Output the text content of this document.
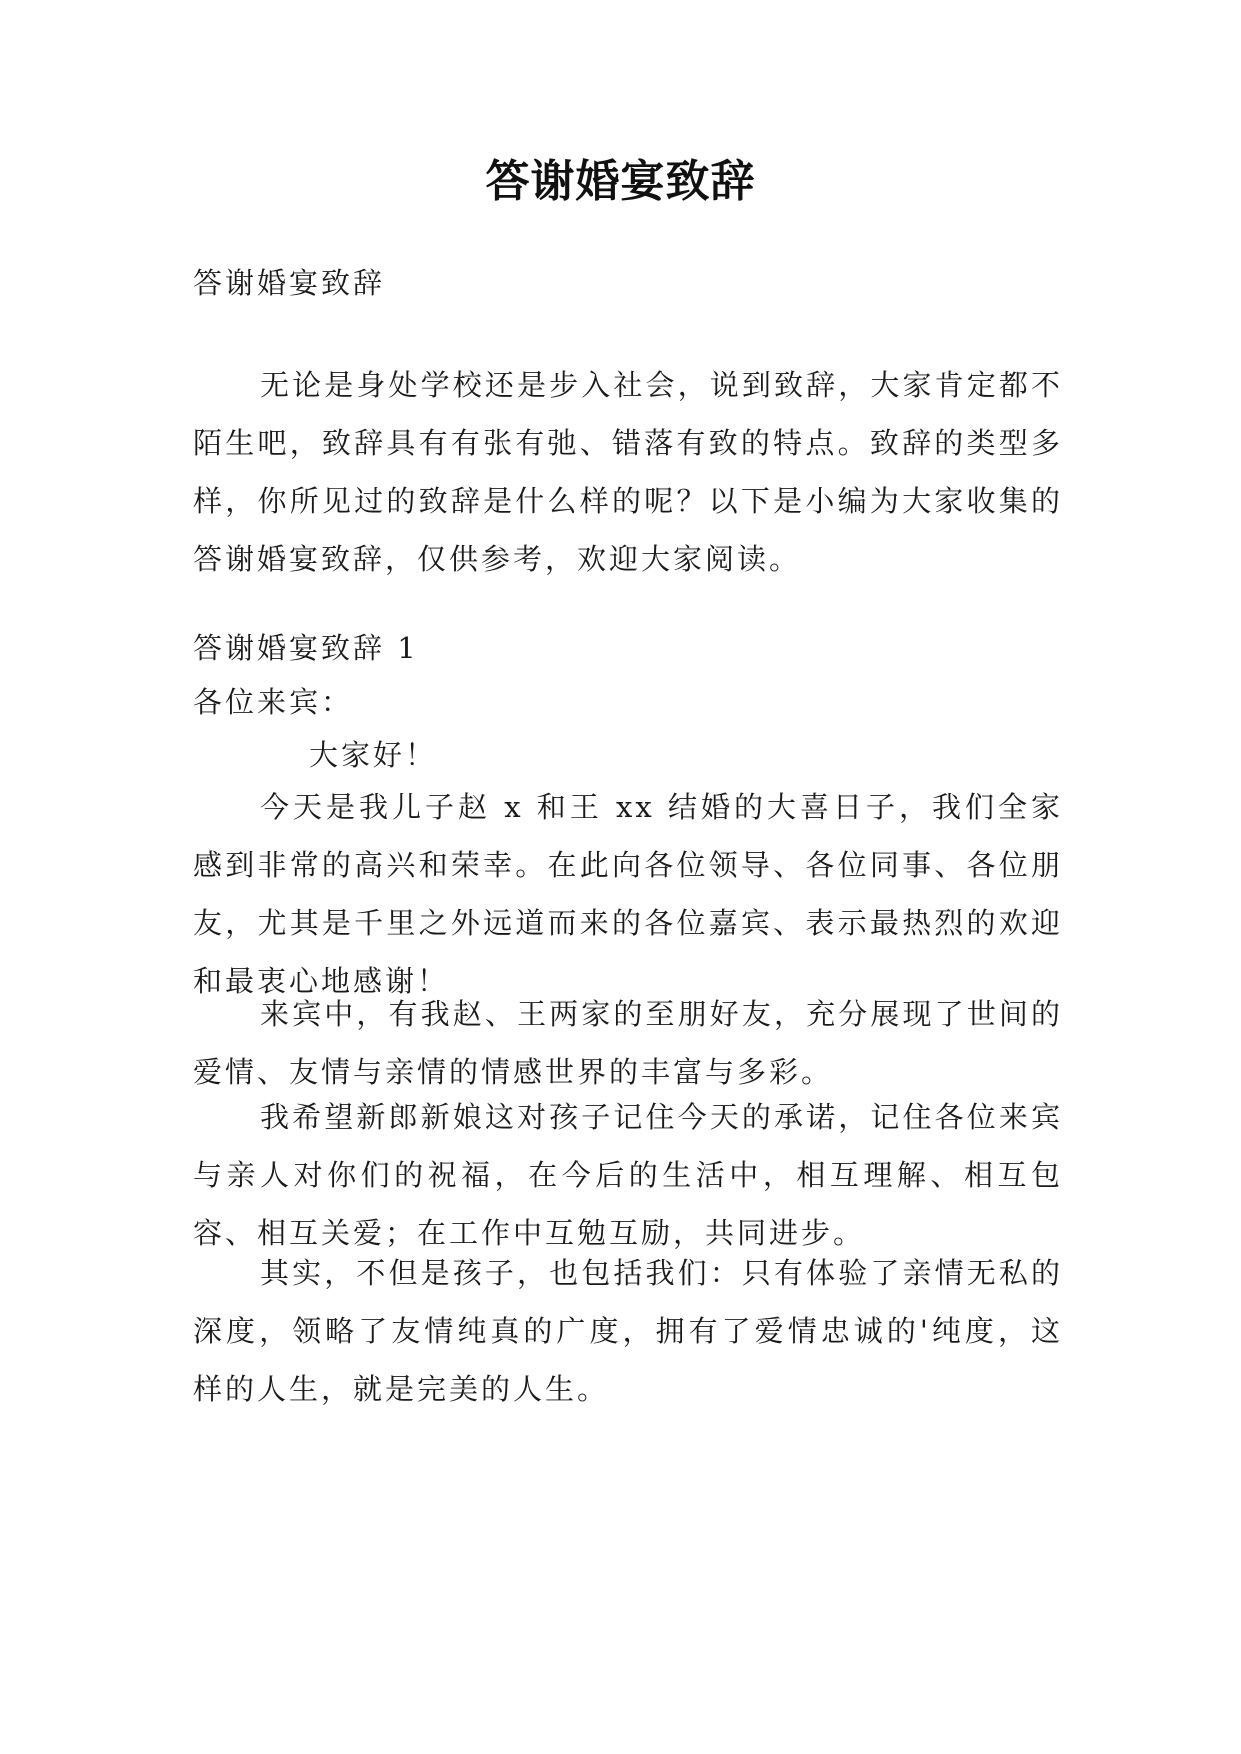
答谢婚宴致辞

答谢婚宴致辞

无论是身处学校还是步入社会，说到致辞，大家肯定都不陌生吧，致辞具有有张有弛、错落有致的特点。致辞的类型多样，你所见过的致辞是什么样的呢？以下是小编为大家收集的答谢婚宴致辞，仅供参考，欢迎大家阅读。

答谢婚宴致辞 1

各位来宾：

大家好！

今天是我儿子赵 x 和王 xx 结婚的大喜日子，我们全家感到非常的高兴和荣幸。在此向各位领导、各位同事、各位朋友，尤其是千里之外远道而来的各位嘉宾、表示最热烈的欢迎和最衷心地感谢！

来宾中，有我赵、王两家的至朋好友，充分展现了世间的爱情、友情与亲情的情感世界的丰富与多彩。

我希望新郎新娘这对孩子记住今天的承诺，记住各位来宾与亲人对你们的祝福，在今后的生活中，相互理解、相互包容、相互关爱；在工作中互勉互励，共同进步。

其实，不但是孩子，也包括我们：只有体验了亲情无私的深度，领略了友情纯真的广度，拥有了爱情忠诚的'纯度，这样的人生，就是完美的人生。
